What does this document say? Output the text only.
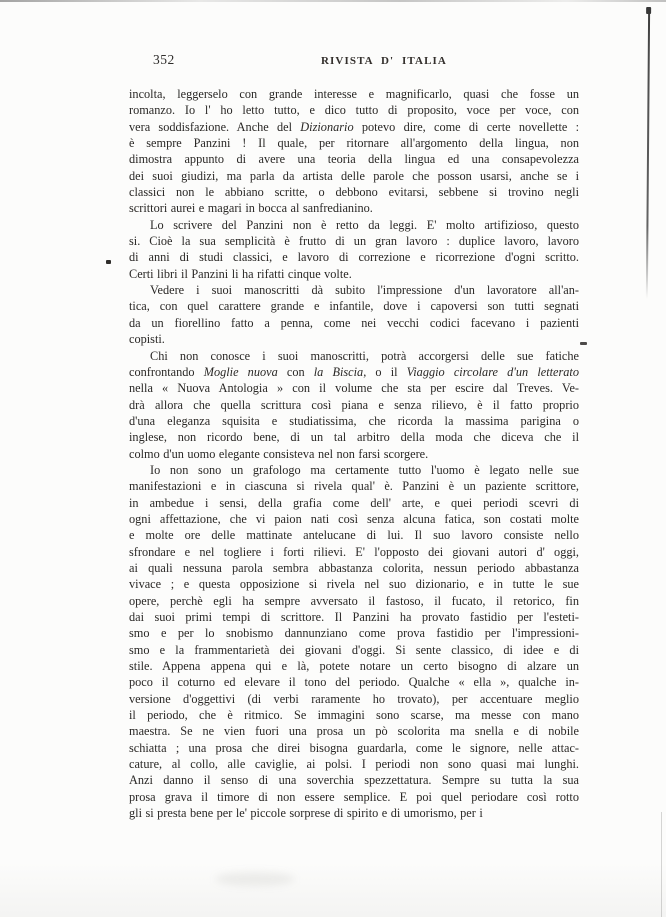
352	RIVISTA D' ITALIA
incolta, leggerselo con grande interesse e magnificarlo, quasi che fosse un
romanzo. Io l' ho letto tutto, e dico tutto di proposito, voce per voce, con
vera soddisfazione. Anche del Dizionario potevo dire, come di certe novellette :
è sempre Panzini ! Il quale, per ritornare all'argomento della lingua, non
dimostra appunto di avere una teoria della lingua ed una consapevolezza
dei suoi giudizi, ma parla da artista delle parole che posson usarsi, anche se i
classici non le abbiano scritte, o debbono evitarsi, sebbene si trovino negli
scrittori aurei e magari in bocca al sanfredianino.
Lo scrivere del Panzini non è retto da leggi. E' molto artifizioso, questo
si. Cioè la sua semplicità è frutto di un gran lavoro : duplice lavoro, lavoro
di anni di studi classici, e lavoro di correzione e ricorrezione d'ogni scritto.
Certi libri il Panzini li ha rifatti cinque volte.
Vedere i suoi manoscritti dà subito l'impressione d'un lavoratore all'an-
tica, con quel carattere grande e infantile, dove i capoversi son tutti segnati
da un fiorellino fatto a penna, come nei vecchi codici facevano i pazienti
copisti.
Chi non conosce i suoi manoscritti, potrà accorgersi delle sue fatiche
confrontando Moglie nuova con la Biscia, o il Viaggio circolare d'un letterato
nella « Nuova Antologia » con il volume che sta per escire dal Treves. Ve-
drà allora che quella scrittura così piana e senza rilievo, è il fatto proprio
d'una eleganza squisita e studiatissima, che ricorda la massima parigina o
inglese, non ricordo bene, di un tal arbitro della moda che diceva che il
colmo d'un uomo elegante consisteva nel non farsi scorgere.
Io non sono un grafologo ma certamente tutto l'uomo è legato nelle sue
manifestazioni e in ciascuna si rivela qual' è. Panzini è un paziente scrittore,
in ambedue i sensi, della grafia come dell' arte, e quei periodi scevri di
ogni affettazione, che vi paion nati così senza alcuna fatica, son costati molte
e molte ore delle mattinate antelucane di lui. Il suo lavoro consiste nello
sfrondare e nel togliere i forti rilievi. E' l'opposto dei giovani autori d' oggi,
ai quali nessuna parola sembra abbastanza colorita, nessun periodo abbastanza
vivace ; e questa opposizione si rivela nel suo dizionario, e in tutte le sue
opere, perchè egli ha sempre avversato il fastoso, il fucato, il retorico, fin
dai suoi primi tempi di scrittore. Il Panzini ha provato fastidio per l'esteti-
smo e per lo snobismo dannunziano come prova fastidio per l'impressioni-
smo e la frammentarietà dei giovani d'oggi. Si sente classico, di idee e di
stile. Appena appena qui e là, potete notare un certo bisogno di alzare un
poco il coturno ed elevare il tono del periodo. Qualche « ella », qualche in-
versione d'oggettivi (di verbi raramente ho trovato), per accentuare meglio
il periodo, che è ritmico. Se immagini sono scarse, ma messe con mano
maestra. Se ne vien fuori una prosa un pò scolorita ma snella e di nobile
schiatta ; una prosa che direi bisogna guardarla, come le signore, nelle attac-
cature, al collo, alle caviglie, ai polsi. I periodi non sono quasi mai lunghi.
Anzi danno il senso di una soverchia spezzettatura. Sempre su tutta la sua
prosa grava il timore di non essere semplice. E poi quel periodare così rotto
gli si presta bene per le' piccole sorprese di spirito e di umorismo, per i
